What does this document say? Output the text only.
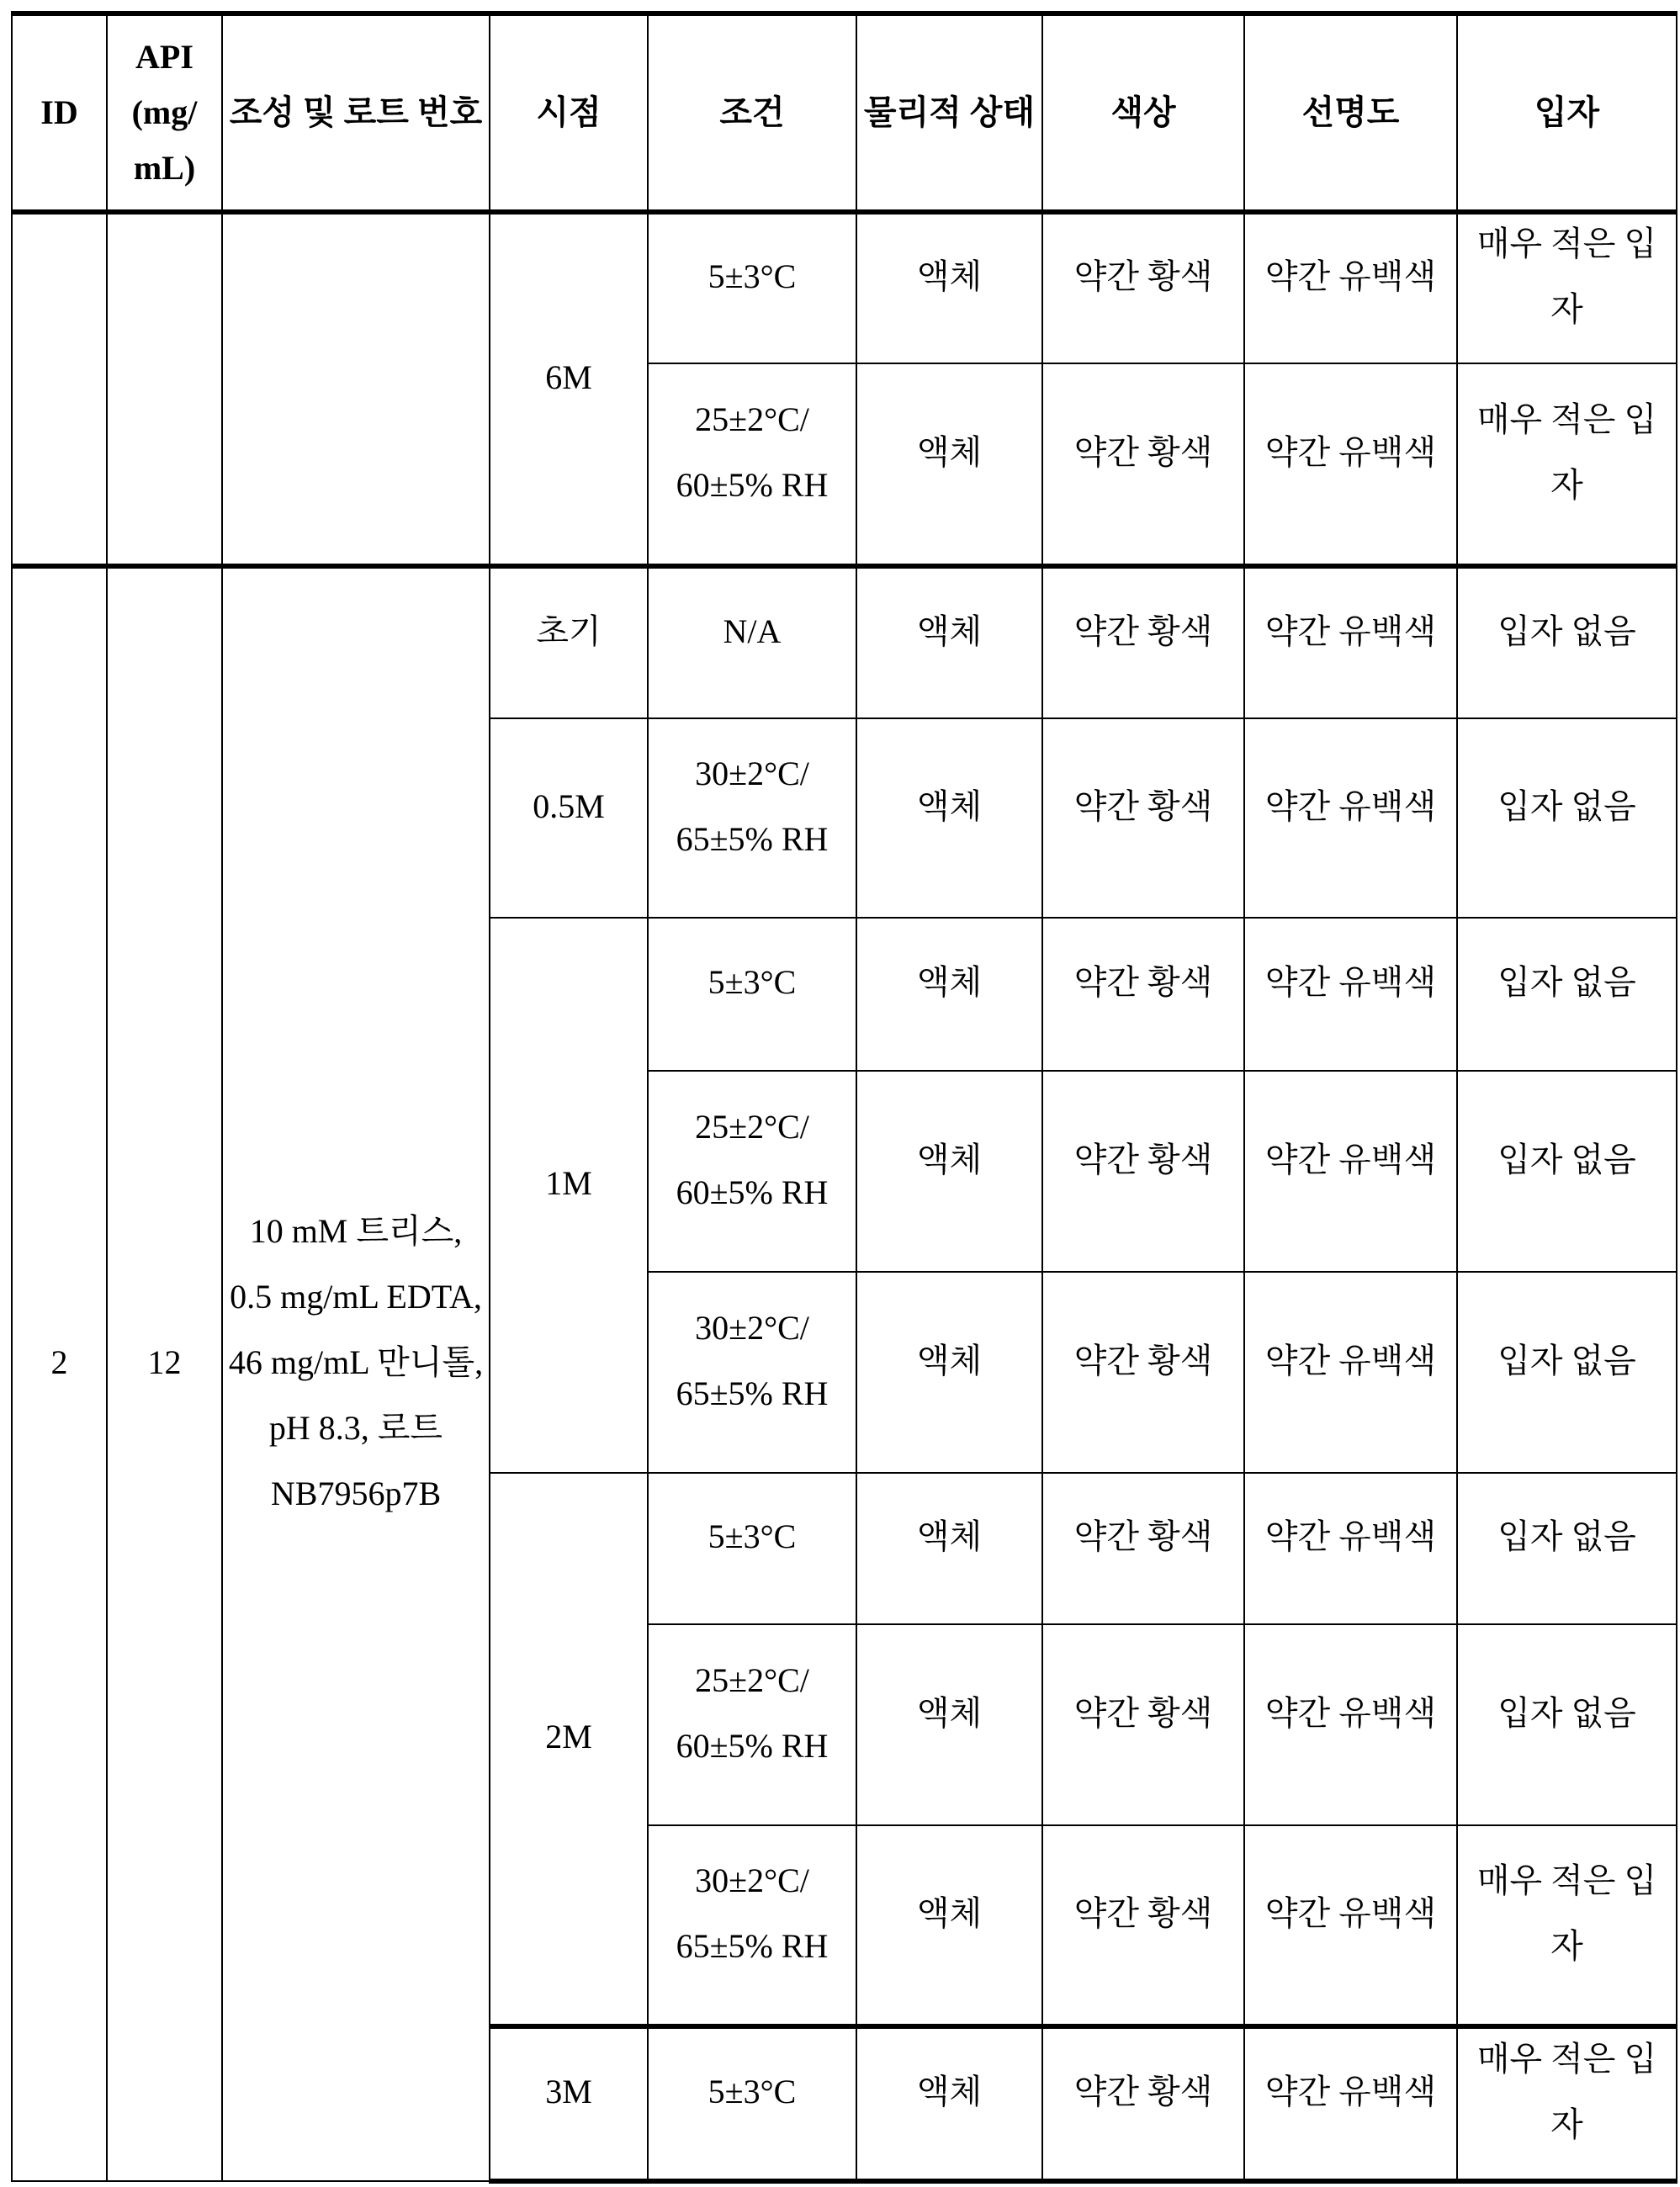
ID	API (mg/ mL)	조성 및 로트 번호	시점	조건	물리적 상태	색상	선명도	입자

6M

5±3°C	액체	약간 황색	약간 유백색

매우 적은 입자

25±2°C/ 60±5% RH

액체	약간 황색	약간 유백색

매우 적은 입자

2	12

10 mM 트리스, 0.5 mg/mL EDTA, 46 mg/mL 만니톨, pH 8.3, 로트 NB7956p7B

초기	N/A	액체	약간 황색	약간 유백색	입자 없음

0.5M

30±2°C/ 65±5% RH

액체	약간 황색	약간 유백색	입자 없음

1M

5±3°C	액체	약간 황색	약간 유백색	입자 없음

25±2°C/ 60±5% RH

액체	약간 황색	약간 유백색	입자 없음

30±2°C/ 65±5% RH

액체	약간 황색	약간 유백색	입자 없음

2M

5±3°C	액체	약간 황색	약간 유백색	입자 없음

25±2°C/ 60±5% RH

액체	약간 황색	약간 유백색	입자 없음

30±2°C/ 65±5% RH

액체	약간 황색	약간 유백색

매우 적은 입자

3M	5±3°C	액체	약간 황색	약간 유백색

매우 적은 입자
